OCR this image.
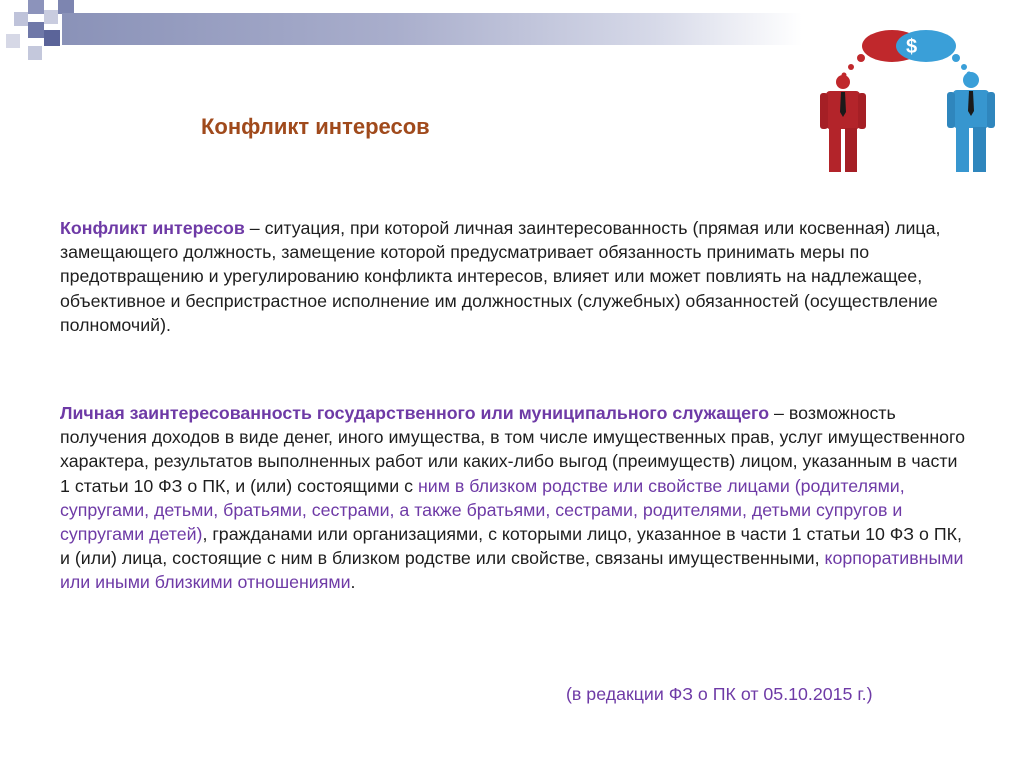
$
Конфликт интересов

Конфликт интересов – ситуация, при которой личная заинтересованность (прямая или косвенная) лица, замещающего должность, замещение которой предусматривает обязанность принимать меры по предотвращению и урегулированию конфликта интересов, влияет или может повлиять на надлежащее, объективное и беспристрастное исполнение им должностных (служебных) обязанностей (осуществление полномочий).

Личная заинтересованность государственного или муниципального служащего – возможность получения доходов в виде денег, иного имущества, в том числе имущественных прав, услуг имущественного характера, результатов выполненных работ или каких-либо выгод (преимуществ) лицом, указанным в части 1 статьи 10 ФЗ о ПК, и (или) состоящими с ним в близком родстве или свойстве лицами (родителями, супругами, детьми, братьями, сестрами, а также братьями, сестрами, родителями, детьми супругов и супругами детей), гражданами или организациями, с которыми лицо, указанное в части 1 статьи 10 ФЗ о ПК, и (или) лица, состоящие с ним в близком родстве или свойстве, связаны имущественными, корпоративными или иными близкими отношениями.

(в редакции ФЗ о ПК от 05.10.2015 г.)
